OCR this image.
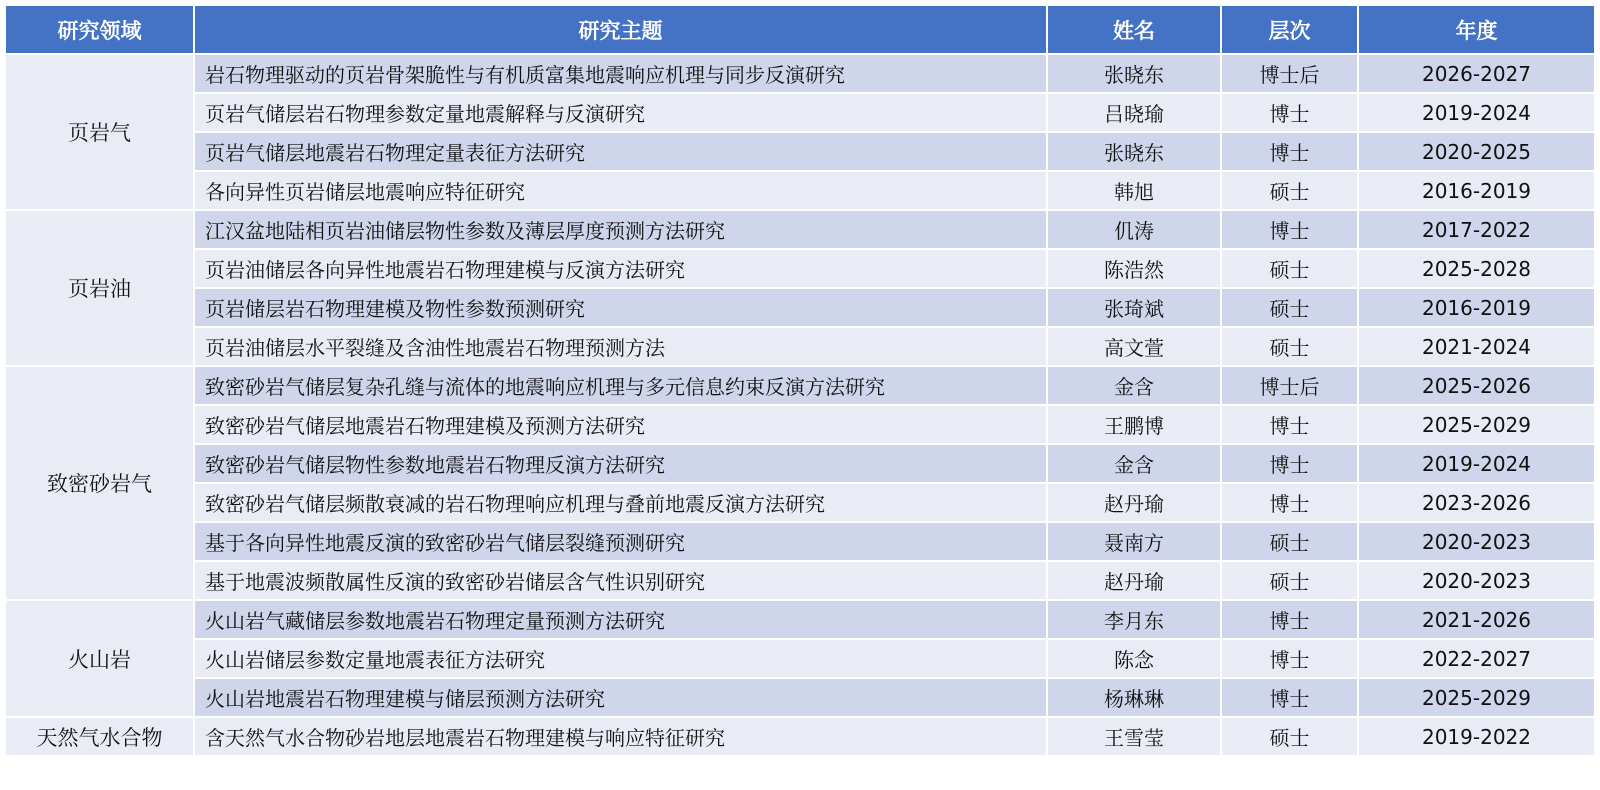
研究领域	研究主题	姓名	层次	年度
页岩气	岩石物理驱动的页岩骨架脆性与有机质富集地震响应机理与同步反演研究	张晓东	博士后	2026-2027
	页岩气储层岩石物理参数定量地震解释与反演研究	吕晓瑜	博士	2019-2024
	页岩气储层地震岩石物理定量表征方法研究	张晓东	博士	2020-2025
	各向异性页岩储层地震响应特征研究	韩旭	硕士	2016-2019
页岩油	江汉盆地陆相页岩油储层物性参数及薄层厚度预测方法研究	仉涛	博士	2017-2022
	页岩油储层各向异性地震岩石物理建模与反演方法研究	陈浩然	硕士	2025-2028
	页岩储层岩石物理建模及物性参数预测研究	张琦斌	硕士	2016-2019
	页岩油储层水平裂缝及含油性地震岩石物理预测方法	高文萱	硕士	2021-2024
致密砂岩气	致密砂岩气储层复杂孔缝与流体的地震响应机理与多元信息约束反演方法研究	金含	博士后	2025-2026
	致密砂岩气储层地震岩石物理建模及预测方法研究	王鹏博	博士	2025-2029
	致密砂岩气储层物性参数地震岩石物理反演方法研究	金含	博士	2019-2024
	致密砂岩气储层频散衰减的岩石物理响应机理与叠前地震反演方法研究	赵丹瑜	博士	2023-2026
	基于各向异性地震反演的致密砂岩气储层裂缝预测研究	聂南方	硕士	2020-2023
	基于地震波频散属性反演的致密砂岩储层含气性识别研究	赵丹瑜	硕士	2020-2023
火山岩	火山岩气藏储层参数地震岩石物理定量预测方法研究	李月东	博士	2021-2026
	火山岩储层参数定量地震表征方法研究	陈念	博士	2022-2027
	火山岩地震岩石物理建模与储层预测方法研究	杨琳琳	博士	2025-2029
天然气水合物	含天然气水合物砂岩地层地震岩石物理建模与响应特征研究	王雪莹	硕士	2019-2022
